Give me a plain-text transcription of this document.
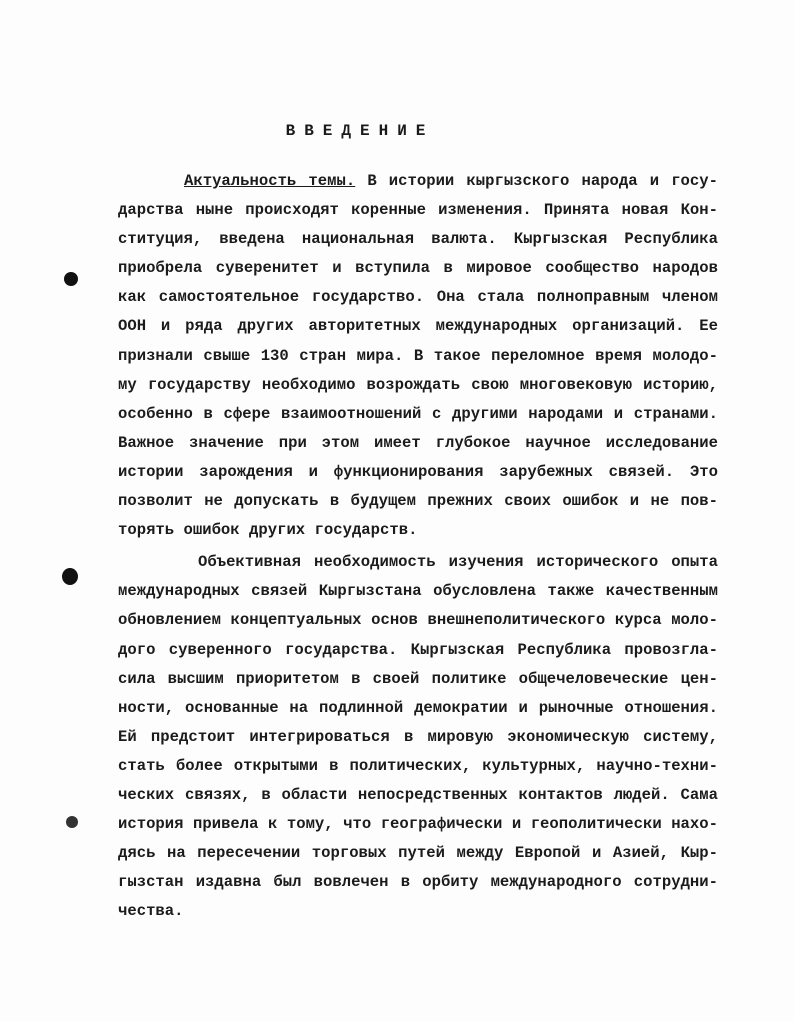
ВВЕДЕНИЕ
Актуальность темы. В истории кыргызского народа и госу-
дарства ныне происходят коренные изменения. Принята новая Кон-
ституция, введена национальная валюта. Кыргызская Республика
приобрела суверенитет и вступила в мировое сообщество народов
как самостоятельное государство. Она стала полноправным членом
ООН и ряда других авторитетных международных организаций. Ее
признали свыше 130 стран мира. В такое переломное время молодо-
му государству необходимо возрождать свою многовековую историю,
особенно в сфере взаимоотношений с другими народами и странами.
Важное значение при этом имеет глубокое научное исследование
истории зарождения и функционирования зарубежных связей. Это
позволит не допускать в будущем прежних своих ошибок и не пов-
торять ошибок других государств.
Объективная необходимость изучения исторического опыта
международных связей Кыргызстана обусловлена также качественным
обновлением концептуальных основ внешнеполитического курса моло-
дого суверенного государства. Кыргызская Республика провозгла-
сила высшим приоритетом в своей политике общечеловеческие цен-
ности, основанные на подлинной демократии и рыночные отношения.
Ей предстоит интегрироваться в мировую экономическую систему,
стать более открытыми в политических, культурных, научно-техни-
ческих связях, в области непосредственных контактов людей. Сама
история привела к тому, что географически и геополитически нахо-
дясь на пересечении торговых путей между Европой и Азией, Кыр-
гызстан издавна был вовлечен в орбиту международного сотрудни-
чества.
